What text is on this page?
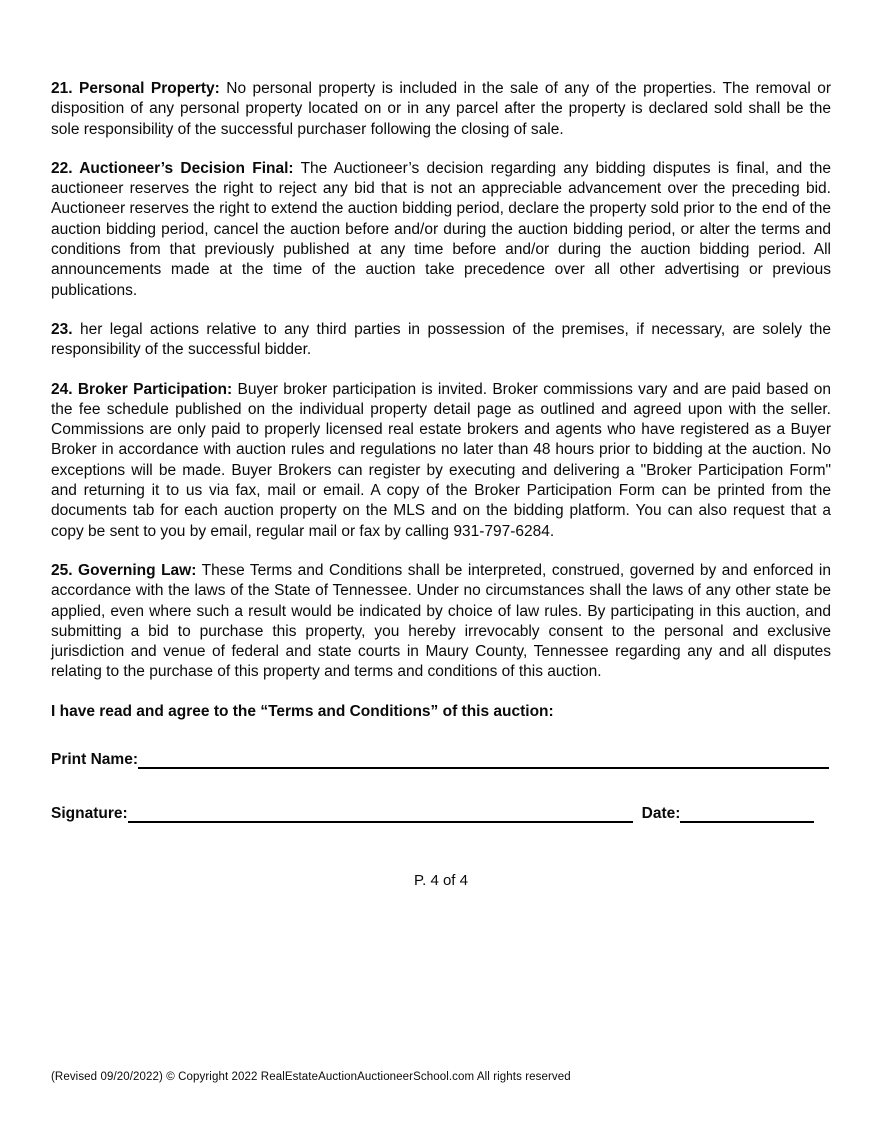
21. Personal Property: No personal property is included in the sale of any of the properties. The removal or disposition of any personal property located on or in any parcel after the property is declared sold shall be the sole responsibility of the successful purchaser following the closing of sale.

22. Auctioneer’s Decision Final: The Auctioneer’s decision regarding any bidding disputes is final, and the auctioneer reserves the right to reject any bid that is not an appreciable advancement over the preceding bid. Auctioneer reserves the right to extend the auction bidding period, declare the property sold prior to the end of the auction bidding period, cancel the auction before and/or during the auction bidding period, or alter the terms and conditions from that previously published at any time before and/or during the auction bidding period. All announcements made at the time of the auction take precedence over all other advertising or previous publications.

23. her legal actions relative to any third parties in possession of the premises, if necessary, are solely the responsibility of the successful bidder.

24. Broker Participation: Buyer broker participation is invited. Broker commissions vary and are paid based on the fee schedule published on the individual property detail page as outlined and agreed upon with the seller. Commissions are only paid to properly licensed real estate brokers and agents who have registered as a Buyer Broker in accordance with auction rules and regulations no later than 48 hours prior to bidding at the auction. No exceptions will be made. Buyer Brokers can register by executing and delivering a "Broker Participation Form" and returning it to us via fax, mail or email. A copy of the Broker Participation Form can be printed from the documents tab for each auction property on the MLS and on the bidding platform. You can also request that a copy be sent to you by email, regular mail or fax by calling 931-797-6284.

25. Governing Law: These Terms and Conditions shall be interpreted, construed, governed by and enforced in accordance with the laws of the State of Tennessee. Under no circumstances shall the laws of any other state be applied, even where such a result would be indicated by choice of law rules. By participating in this auction, and submitting a bid to purchase this property, you hereby irrevocably consent to the personal and exclusive jurisdiction and venue of federal and state courts in Maury County, Tennessee regarding any and all disputes relating to the purchase of this property and terms and conditions of this auction.

I have read and agree to the “Terms and Conditions” of this auction:
Print Name:
Signature:	Date:
P. 4 of 4
(Revised 09/20/2022) © Copyright 2022 RealEstateAuctionAuctioneerSchool.com All rights reserved
